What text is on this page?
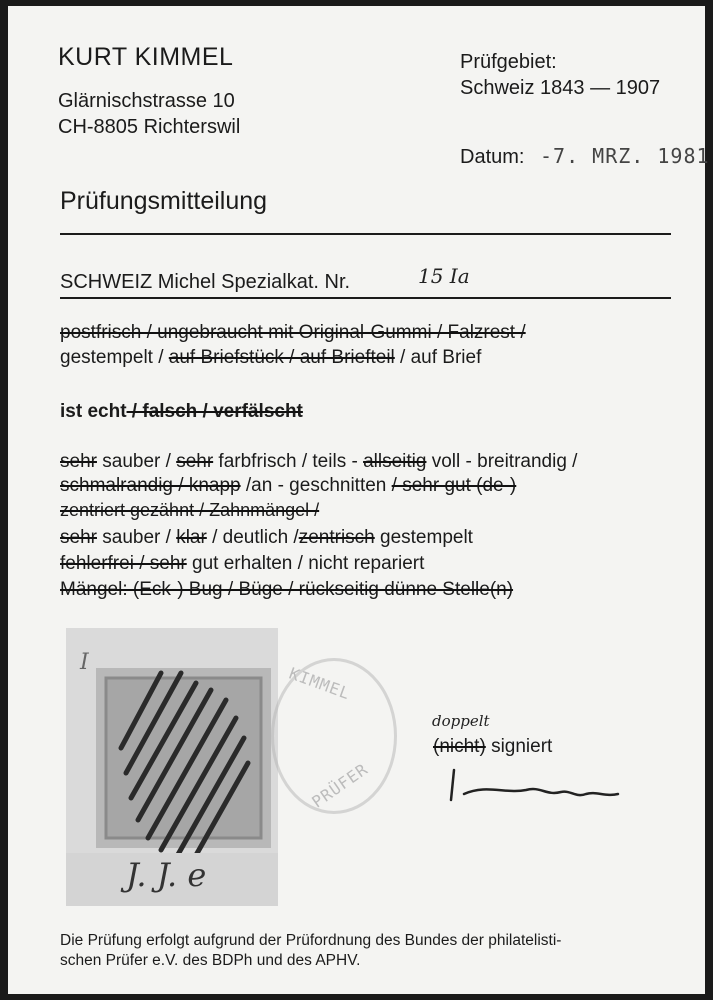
KURT KIMMEL
Glärnischstrasse 10
CH-8805 Richterswil
Prüfgebiet:
Schweiz 1843 — 1907
Datum: -7. MRZ. 1981
Prüfungsmitteilung
SCHWEIZ Michel Spezialkat. Nr.	15 Ia
postfrisch / ungebraucht mit Original-Gummi / Falzrest /
gestempelt / auf Briefstück / auf Briefteil / auf Brief
ist echt / falsch / verfälscht
sehr sauber / sehr farbfrisch / teils - allseitig voll - breitrandig /
schmalrandig / knapp /an - geschnitten / sehr gut (de-)
zentriert gezähnt / Zahnmängel /
sehr sauber / klar / deutlich /zentrisch gestempelt
fehlerfrei / sehr gut erhalten / nicht repariert
Mängel: (Eck-) Bug / Büge / rückseitig dünne Stelle(n)
I
J. J. e
KIMMEL
PRÜFER
doppelt
(nicht) signiert
Die Prüfung erfolgt aufgrund der Prüfordnung des Bundes der philatelisti-
schen Prüfer e.V. des BDPh und des APHV.
